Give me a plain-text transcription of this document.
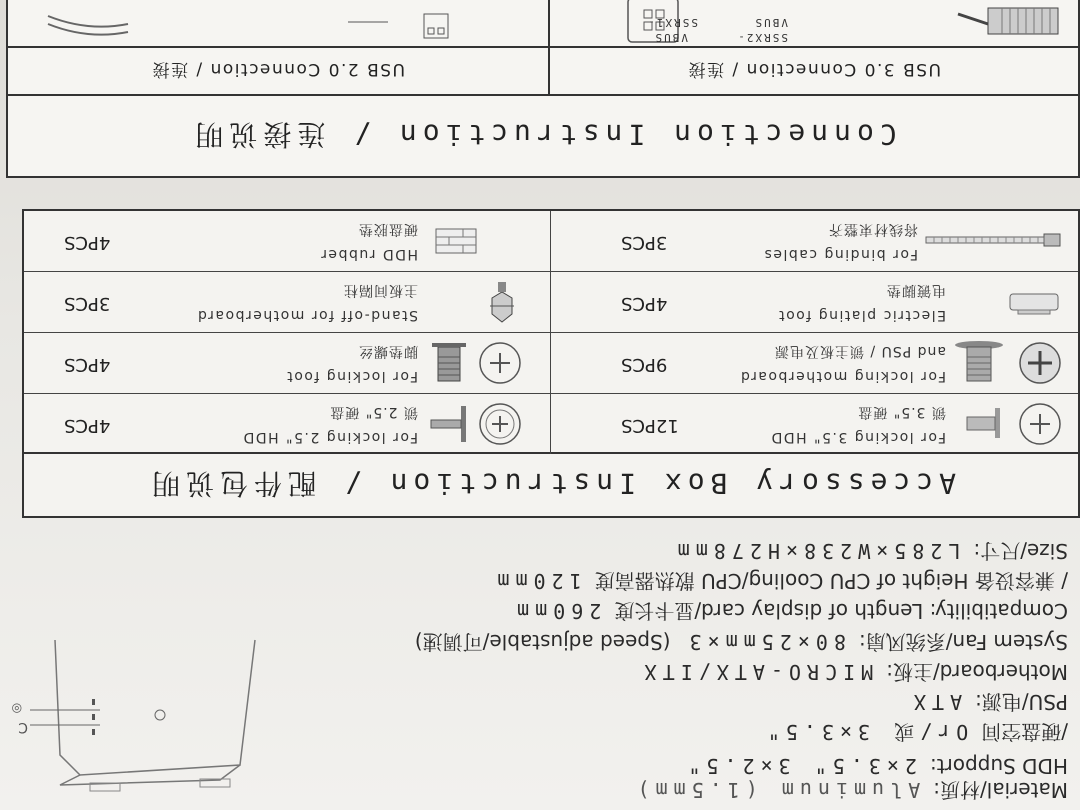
Material/材质: Aluminum (1.5mm)
HDD Support: 2×3.5" 3×2.5"
/硬盘空间 Or/或 3×3.5"
PSU/电源: ATX
Motherboard/主板: MICRO-ATX/ITX
System Fan/系统风扇: 80×25mm×3 (Speed adjustable/可调速)
Compatibility: Length of display card/显卡长度 260mm
/ 兼容设备 Height of CPU Cooling/CPU 散热器高度 120mm
Size/尺寸: L285×W238×H278mm
C
◎
Accessory Box Instruction / 配件包说明
For locking 3.5" HDD
锁 3.5" 硬盘
12PCS
For locking 2.5" HDD
锁 2.5" 硬盘
4PCS
For locking motherboard
and PSU / 锁主板及电源
9PCS
For locking foot
脚垫螺丝
4PCS
Electric plating foot
电镀脚垫
4PCS
Stand-off for motherboard
主板间隔柱
3PCS
For binding cables
将线材束整齐
3PCS
HDD rubber
硬盘胶垫
4PCS
Connection Instruction / 连接说明
USB 3.0 Connection / 连接
USB 2.0 Connection / 连接
VBUS
SSRX1-
SSRX2-
VBUS
